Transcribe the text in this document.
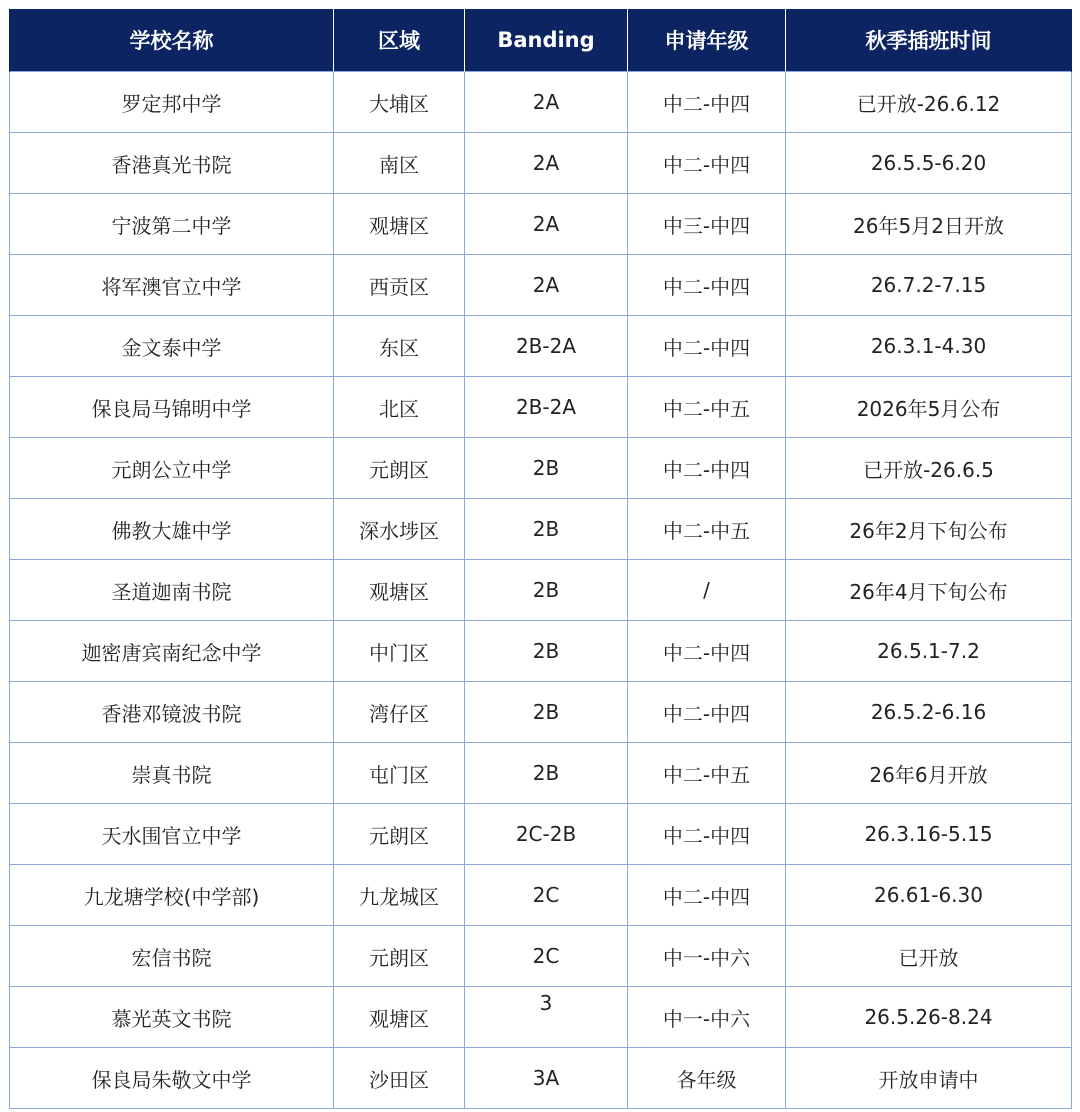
学校名称	区域	Banding	申请年级	秋季插班时间
罗定邦中学	大埔区	2A	中二-中四	已开放-26.6.12
香港真光书院	南区	2A	中二-中四	26.5.5-6.20
宁波第二中学	观塘区	2A	中三-中四	26年5月2日开放
将军澳官立中学	西贡区	2A	中二-中四	26.7.2-7.15
金文泰中学	东区	2B-2A	中二-中四	26.3.1-4.30
保良局马锦明中学	北区	2B-2A	中二-中五	2026年5月公布
元朗公立中学	元朗区	2B	中二-中四	已开放-26.6.5
佛教大雄中学	深水埗区	2B	中二-中五	26年2月下旬公布
圣道迦南书院	观塘区	2B	/	26年4月下旬公布
迦密唐宾南纪念中学	中门区	2B	中二-中四	26.5.1-7.2
香港邓镜波书院	湾仔区	2B	中二-中四	26.5.2-6.16
崇真书院	屯门区	2B	中二-中五	26年6月开放
天水围官立中学	元朗区	2C-2B	中二-中四	26.3.16-5.15
九龙塘学校(中学部)	九龙城区	2C	中二-中四	26.61-6.30
宏信书院	元朗区	2C	中一-中六	已开放
慕光英文书院	观塘区	3	中一-中六	26.5.26-8.24
保良局朱敬文中学	沙田区	3A	各年级	开放申请中
